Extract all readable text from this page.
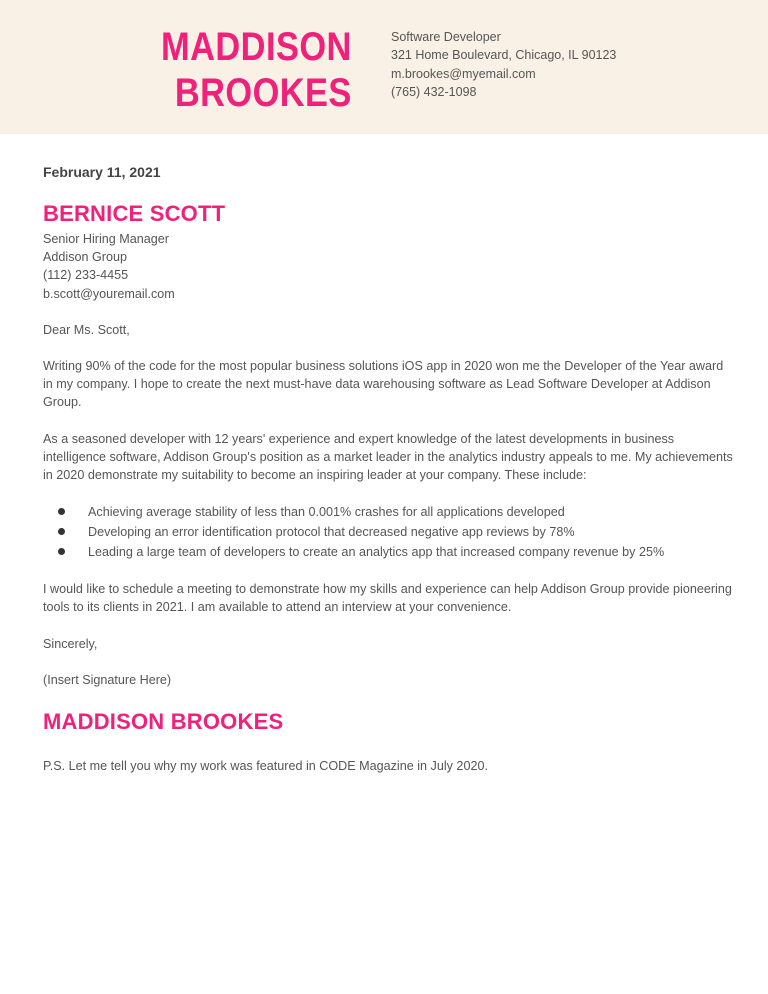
MADDISON
BROOKES
Software Developer
321 Home Boulevard, Chicago, IL 90123
m.brookes@myemail.com
(765) 432-1098

February 11, 2021

BERNICE SCOTT
Senior Hiring Manager
Addison Group
(112) 233-4455
b.scott@youremail.com

Dear Ms. Scott,

Writing 90% of the code for the most popular business solutions iOS app in 2020 won me the Developer of the Year award in my company. I hope to create the next must-have data warehousing software as Lead Software Developer at Addison Group.

As a seasoned developer with 12 years' experience and expert knowledge of the latest developments in business intelligence software, Addison Group's position as a market leader in the analytics industry appeals to me. My achievements in 2020 demonstrate my suitability to become an inspiring leader at your company. These include:

Achieving average stability of less than 0.001% crashes for all applications developed
Developing an error identification protocol that decreased negative app reviews by 78%
Leading a large team of developers to create an analytics app that increased company revenue by 25%

I would like to schedule a meeting to demonstrate how my skills and experience can help Addison Group provide pioneering tools to its clients in 2021. I am available to attend an interview at your convenience.

Sincerely,

(Insert Signature Here)

MADDISON BROOKES

P.S. Let me tell you why my work was featured in CODE Magazine in July 2020.
